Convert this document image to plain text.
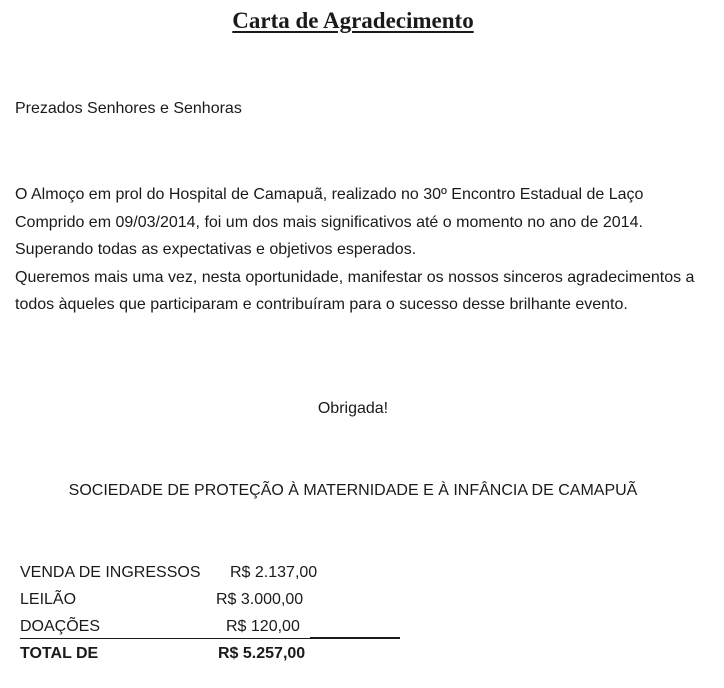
Carta de Agradecimento

Prezados Senhores e Senhoras

O Almoço em prol do Hospital de Camapuã, realizado no 30º Encontro Estadual de Laço Comprido em 09/03/2014, foi um dos mais significativos até o momento no ano de 2014. Superando todas as expectativas e objetivos esperados.

Queremos mais uma vez, nesta oportunidade, manifestar os nossos sinceros agradecimentos a todos àqueles que participaram e contribuíram para o sucesso desse brilhante evento.

Obrigada!

SOCIEDADE DE PROTEÇÃO À MATERNIDADE E À INFÂNCIA DE CAMAPUÃ

VENDA DE INGRESSOS R$ 2.137,00
LEILÃO	R$ 3.000,00
DOAÇÕES	R$ 120,00
TOTAL DE	R$ 5.257,00
